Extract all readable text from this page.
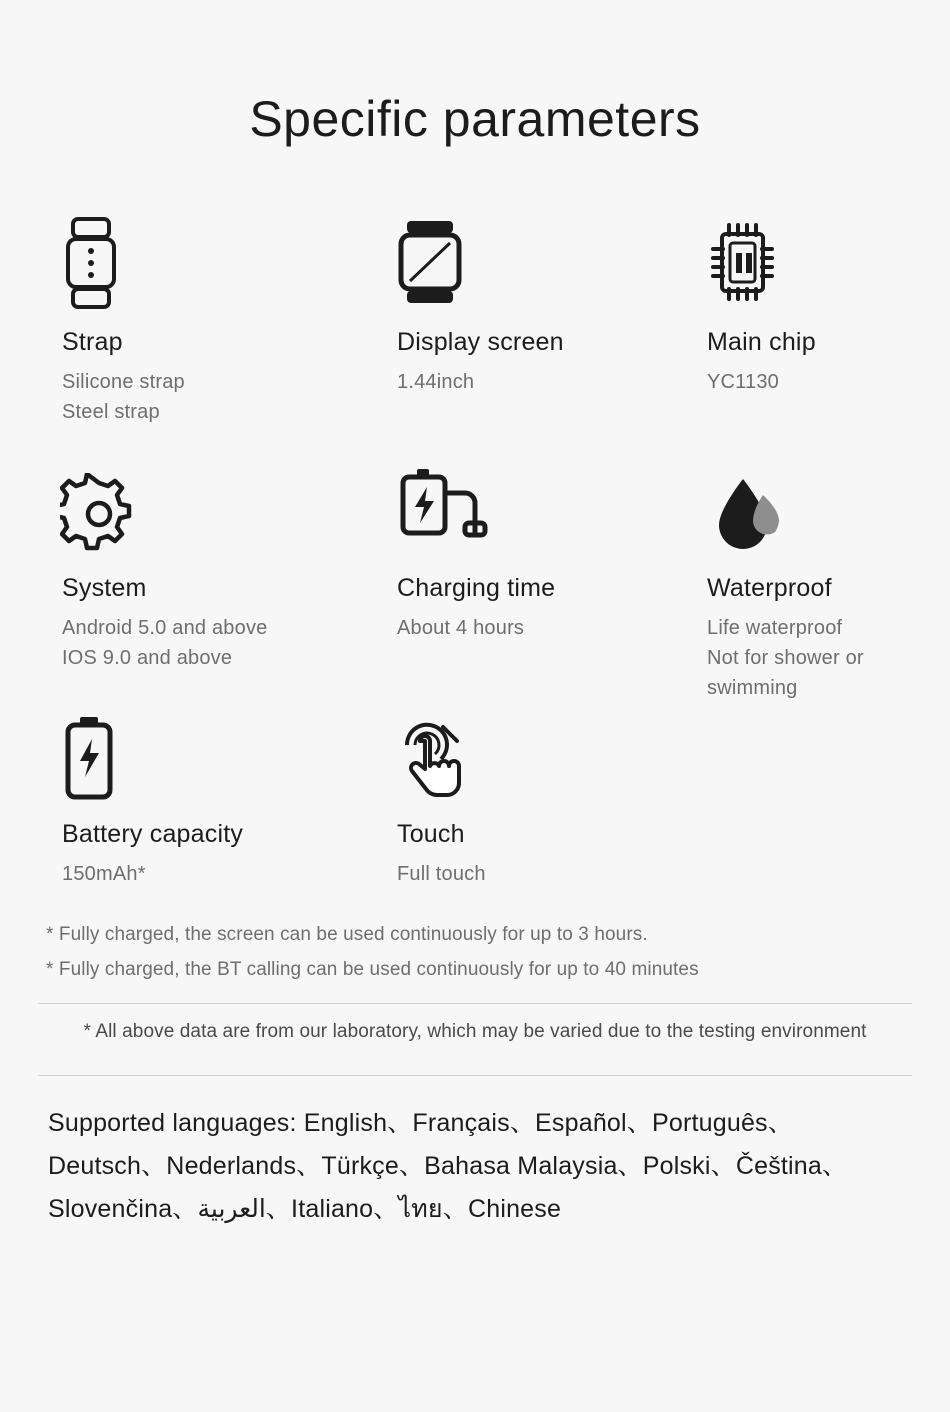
Specific parameters
Strap
Silicone strap
Steel strap
Display screen
1.44inch
Main chip
YC1130
System
Android 5.0 and above
IOS 9.0 and above
Charging time
About 4 hours
Waterproof
Life waterproof
Not for shower or
swimming
Battery capacity
150mAh*
Touch
Full touch
* Fully charged, the screen can be used continuously for up to 3 hours.
* Fully charged, the BT calling can be used continuously for up to 40 minutes
* All above data are from our laboratory, which may be varied due to the testing environment
Supported languages: English、Français、Español、Português、
Deutsch、Nederlands、Türkçe、Bahasa Malaysia、Polski、Čeština、
Slovenčina、العربية、Italiano、ไทย、Chinese
